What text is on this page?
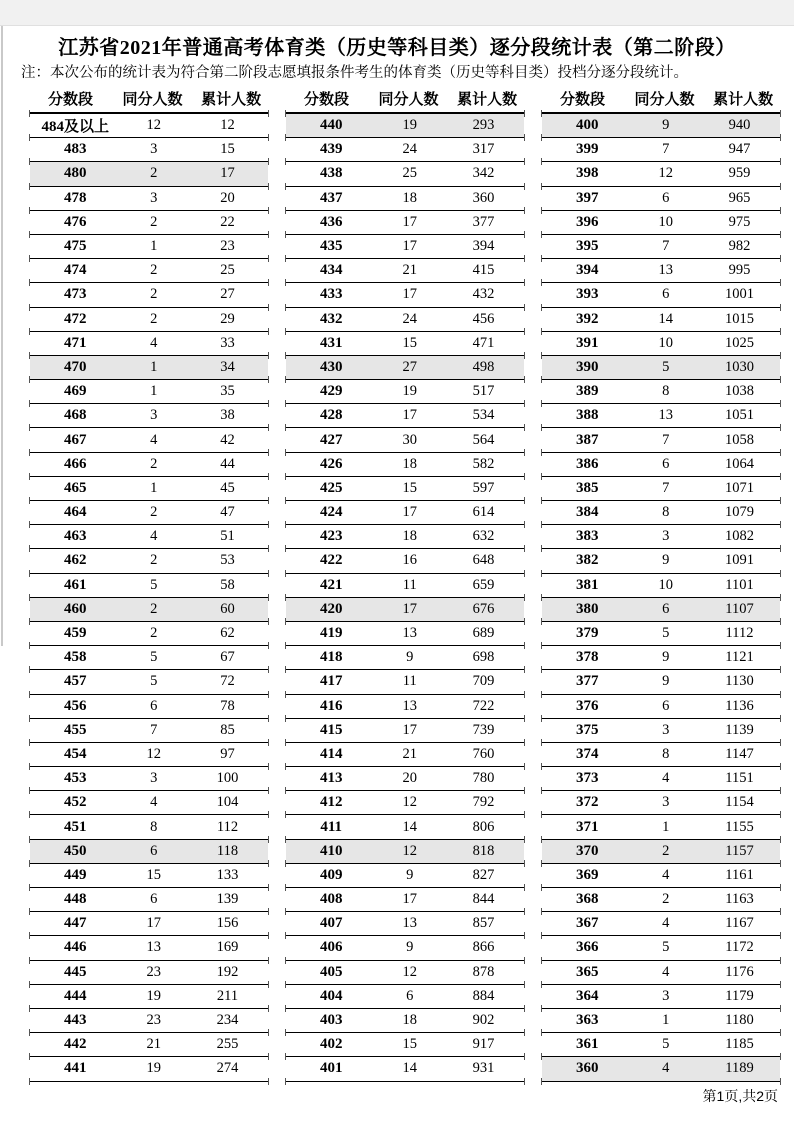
江苏省2021年普通高考体育类（历史等科目类）逐分段统计表（第二阶段）
注：本次公布的统计表为符合第二阶段志愿填报条件考生的体育类（历史等科目类）投档分逐分段统计。
分数段	同分人数	累计人数
484及以上	12	12
483	3	15
480	2	17
478	3	20
476	2	22
475	1	23
474	2	25
473	2	27
472	2	29
471	4	33
470	1	34
469	1	35
468	3	38
467	4	42
466	2	44
465	1	45
464	2	47
463	4	51
462	2	53
461	5	58
460	2	60
459	2	62
458	5	67
457	5	72
456	6	78
455	7	85
454	12	97
453	3	100
452	4	104
451	8	112
450	6	118
449	15	133
448	6	139
447	17	156
446	13	169
445	23	192
444	19	211
443	23	234
442	21	255
441	19	274
分数段	同分人数	累计人数
440	19	293
439	24	317
438	25	342
437	18	360
436	17	377
435	17	394
434	21	415
433	17	432
432	24	456
431	15	471
430	27	498
429	19	517
428	17	534
427	30	564
426	18	582
425	15	597
424	17	614
423	18	632
422	16	648
421	11	659
420	17	676
419	13	689
418	9	698
417	11	709
416	13	722
415	17	739
414	21	760
413	20	780
412	12	792
411	14	806
410	12	818
409	9	827
408	17	844
407	13	857
406	9	866
405	12	878
404	6	884
403	18	902
402	15	917
401	14	931
分数段	同分人数	累计人数
400	9	940
399	7	947
398	12	959
397	6	965
396	10	975
395	7	982
394	13	995
393	6	1001
392	14	1015
391	10	1025
390	5	1030
389	8	1038
388	13	1051
387	7	1058
386	6	1064
385	7	1071
384	8	1079
383	3	1082
382	9	1091
381	10	1101
380	6	1107
379	5	1112
378	9	1121
377	9	1130
376	6	1136
375	3	1139
374	8	1147
373	4	1151
372	3	1154
371	1	1155
370	2	1157
369	4	1161
368	2	1163
367	4	1167
366	5	1172
365	4	1176
364	3	1179
363	1	1180
361	5	1185
360	4	1189
第1页,共2页
